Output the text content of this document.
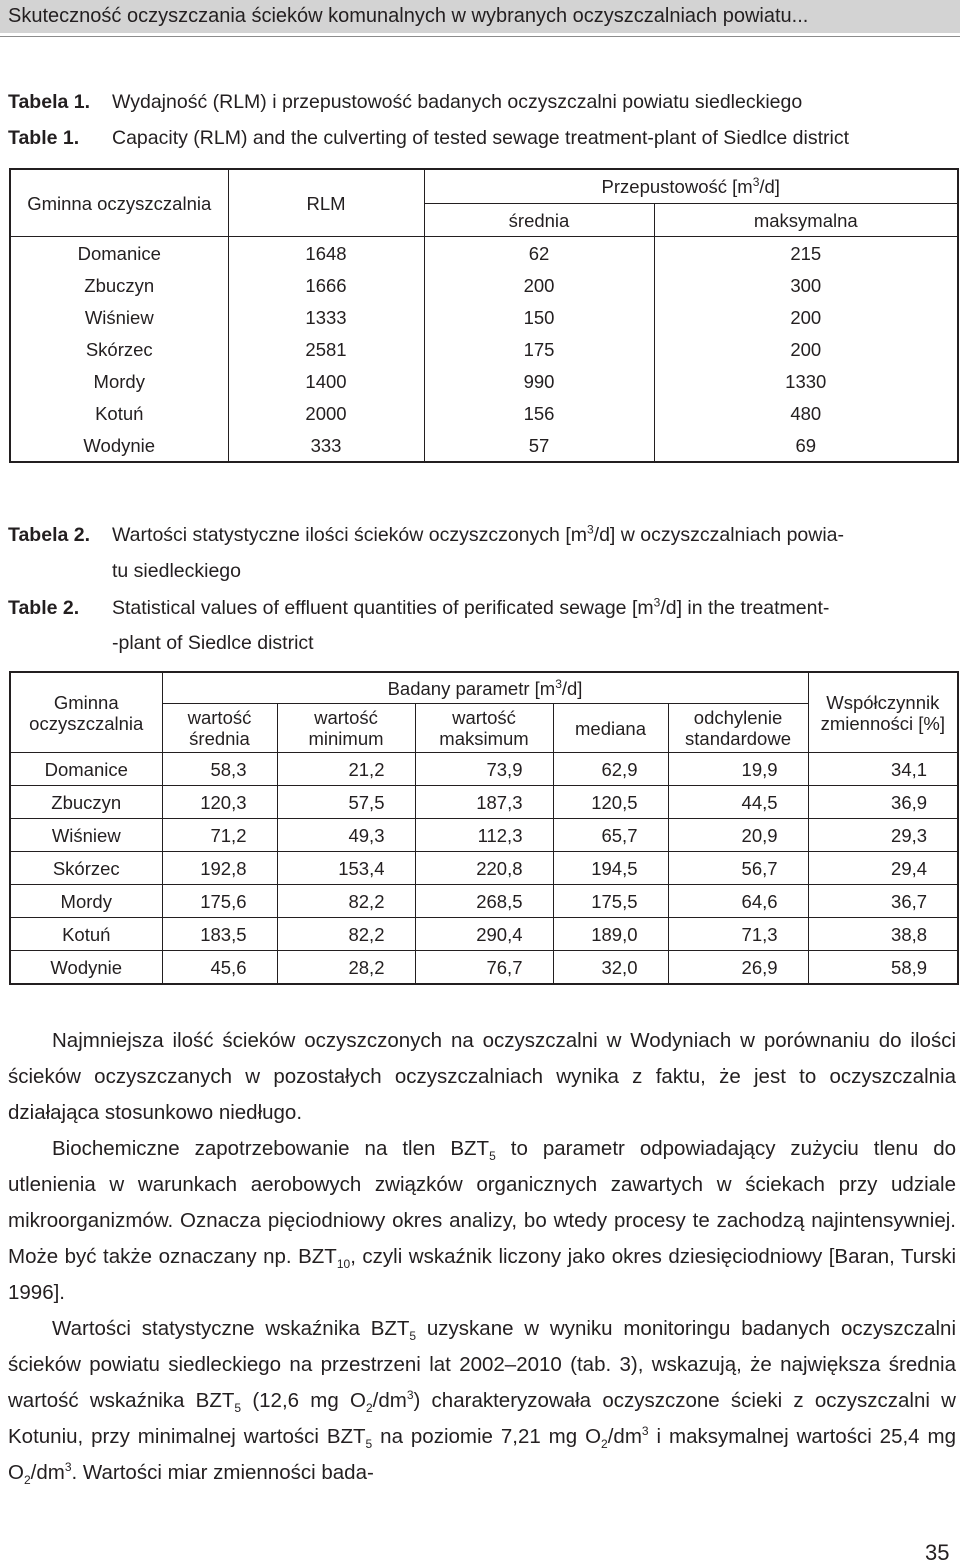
Skuteczność oczyszczania ścieków komunalnych w wybranych oczyszczalniach powiatu...
Tabela 1. Wydajność (RLM) i przepustowość badanych oczyszczalni powiatu siedleckiego
Table 1. Capacity (RLM) and the culverting of tested sewage treatment-plant of Siedlce district
Gminna oczyszczalnia	RLM	Przepustowość $[m^3/d]$	
		średnia	maksymalna
Domanice	1648	62	215
Zbuczyn	1666	200	300
Wiśniew	1333	150	200
Skórzec	2581	175	200
Mordy	1400	990	1330
Kotuń	2000	156	480
Wodynie	333	57	69
Tabela 2. Wartości statystyczne ilości ścieków oczyszczonych $[m^3/d]$ w oczyszczalniach powia-
tu siedleckiego
Table 2. Statistical values of effluent quantities of perificated sewage $[m^3/d]$ in the treatment-
-plant of Siedlce district
Gminna oczyszczalnia	Badany parametr $[m^3/d]$					Współczynnik zmienności [%]
	wartość średnia	wartość minimum	wartość maksimum	mediana	odchylenie standardowe	
Domanice	58,3	21,2	73,9	62,9	19,9	34,1
Zbuczyn	120,3	57,5	187,3	120,5	44,5	36,9
Wiśniew	71,2	49,3	112,3	65,7	20,9	29,3
Skórzec	192,8	153,4	220,8	194,5	56,7	29,4
Mordy	175,6	82,2	268,5	175,5	64,6	36,7
Kotuń	183,5	82,2	290,4	189,0	71,3	38,8
Wodynie	45,6	28,2	76,7	32,0	26,9	58,9

Najmniejsza ilość ścieków oczyszczonych na oczyszczalni w Wodyniach w porównaniu do ilości ścieków oczyszczanych w pozostałych oczyszczalniach wynika z faktu, że jest to oczyszczalnia działająca stosunkowo niedługo.

Biochemiczne zapotrzebowanie na tlen $BZT_5$ to parametr odpowiadający zużyciu tlenu do utlenienia w warunkach aerobowych związków organicznych zawartych w ściekach przy udziale mikroorganizmów. Oznacza pięciodniowy okres analizy, bo wtedy procesy te zachodzą najintensywniej. Może być także oznaczany np. $BZT_{10}$, czyli wskaźnik liczony jako okres dziesięciodniowy [Baran, Turski 1996].

Wartości statystyczne wskaźnika $BZT_5$ uzyskane w wyniku monitoringu badanych oczyszczalni ścieków powiatu siedleckiego na przestrzeni lat 2002–2010 (tab. 3), wskazują, że największa średnia wartość wskaźnika $BZT_5$ (12,6 mg $O_2/dm^3$) charakteryzowała oczyszczone ścieki z oczyszczalni w Kotuniu, przy minimalnej wartości $BZT_5$ na poziomie 7,21 mg $O_2/dm^3$ i maksymalnej wartości 25,4 mg $O_2/dm^3$. Wartości miar zmienności bada-

35
